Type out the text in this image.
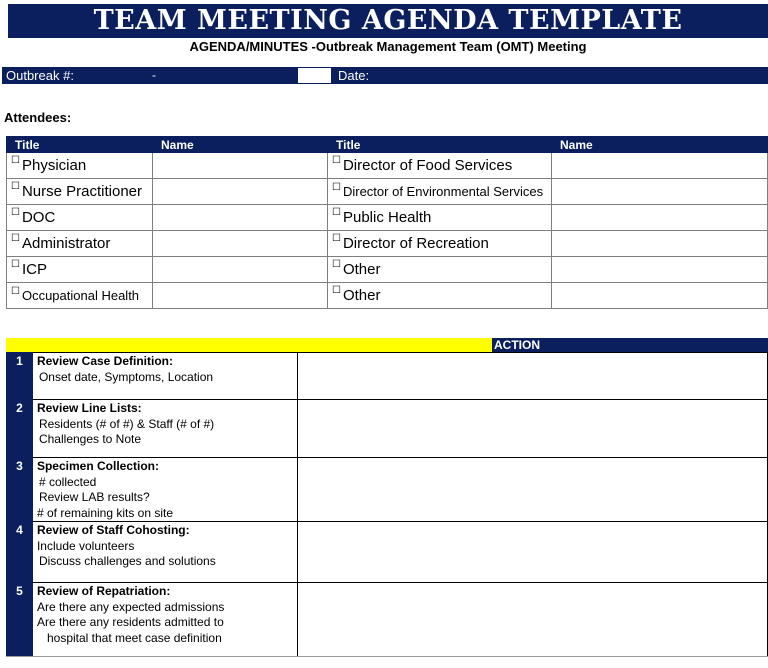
TEAM MEETING AGENDA TEMPLATE
AGENDA/MINUTES -Outbreak Management Team (OMT) Meeting
Outbreak #:	-	Date:
Attendees:
Title	Name	Title	Name
☐ Physician		☐ Director of Food Services	
☐ Nurse Practitioner		☐ Director of Environmental Services	
☐ DOC		☐ Public Health	
☐ Administrator		☐ Director of Recreation	
☐ ICP		☐ Other	
☐ Occupational Health		☐ Other	
ACTION
1	Review Case Definition:
Onset date, Symptoms, Location	

2	Review Line Lists:
Residents (# of #) & Staff (# of #)
Challenges to Note	

3	Specimen Collection:
# collected
Review LAB results?
# of remaining kits on site	

4	Review of Staff Cohosting:
Include volunteers
Discuss challenges and solutions	

5	Review of Repatriation:
Are there any expected admissions
Are there any residents admitted to
hospital that meet case definition	
